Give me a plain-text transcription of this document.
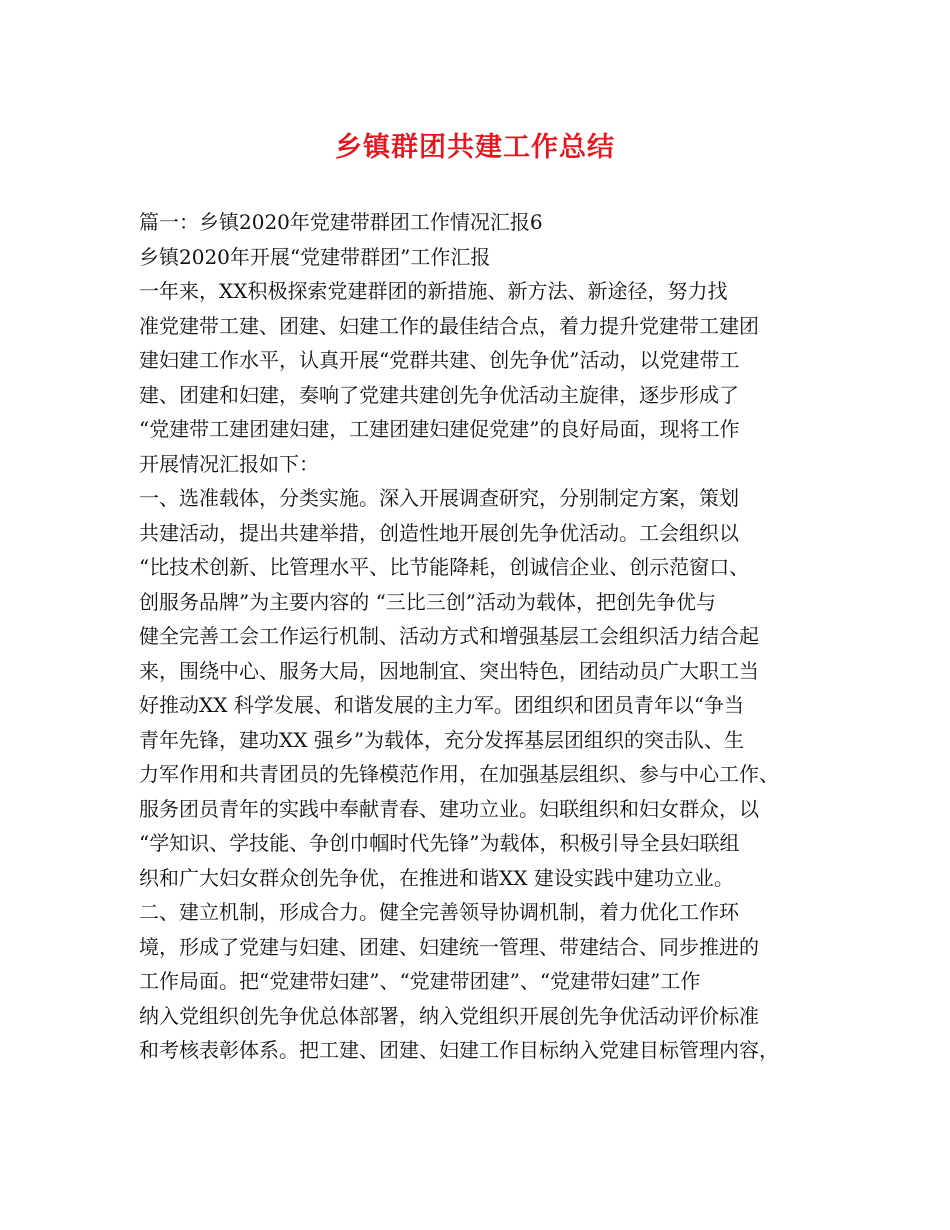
乡镇群团共建工作总结
篇一：乡镇2020年党建带群团工作情况汇报6
乡镇2020年开展“党建带群团”工作汇报
一年来，XX积极探索党建群团的新措施、新方法、新途径，努力找
准党建带工建、团建、妇建工作的最佳结合点，着力提升党建带工建团
建妇建工作水平，认真开展“党群共建、创先争优”活动，以党建带工
建、团建和妇建，奏响了党建共建创先争优活动主旋律，逐步形成了
“党建带工建团建妇建，工建团建妇建促党建”的良好局面，现将工作
开展情况汇报如下：
一、选准载体，分类实施。深入开展调查研究，分别制定方案，策划
共建活动，提出共建举措，创造性地开展创先争优活动。工会组织以
“比技术创新、比管理水平、比节能降耗，创诚信企业、创示范窗口、
创服务品牌”为主要内容的 “三比三创”活动为载体，把创先争优与
健全完善工会工作运行机制、活动方式和增强基层工会组织活力结合起
来，围绕中心、服务大局，因地制宜、突出特色，团结动员广大职工当
好推动XX 科学发展、和谐发展的主力军。团组织和团员青年以“争当
青年先锋，建功XX 强乡”为载体，充分发挥基层团组织的突击队、生
力军作用和共青团员的先锋模范作用，在加强基层组织、参与中心工作、
服务团员青年的实践中奉献青春、建功立业。妇联组织和妇女群众，以
“学知识、学技能、争创巾帼时代先锋”为载体，积极引导全县妇联组
织和广大妇女群众创先争优，在推进和谐XX 建设实践中建功立业。
二、建立机制，形成合力。健全完善领导协调机制，着力优化工作环
境，形成了党建与妇建、团建、妇建统一管理、带建结合、同步推进的
工作局面。把“党建带妇建”、“党建带团建”、“党建带妇建”工作
纳入党组织创先争优总体部署，纳入党组织开展创先争优活动评价标准
和考核表彰体系。把工建、团建、妇建工作目标纳入党建目标管理内容，
